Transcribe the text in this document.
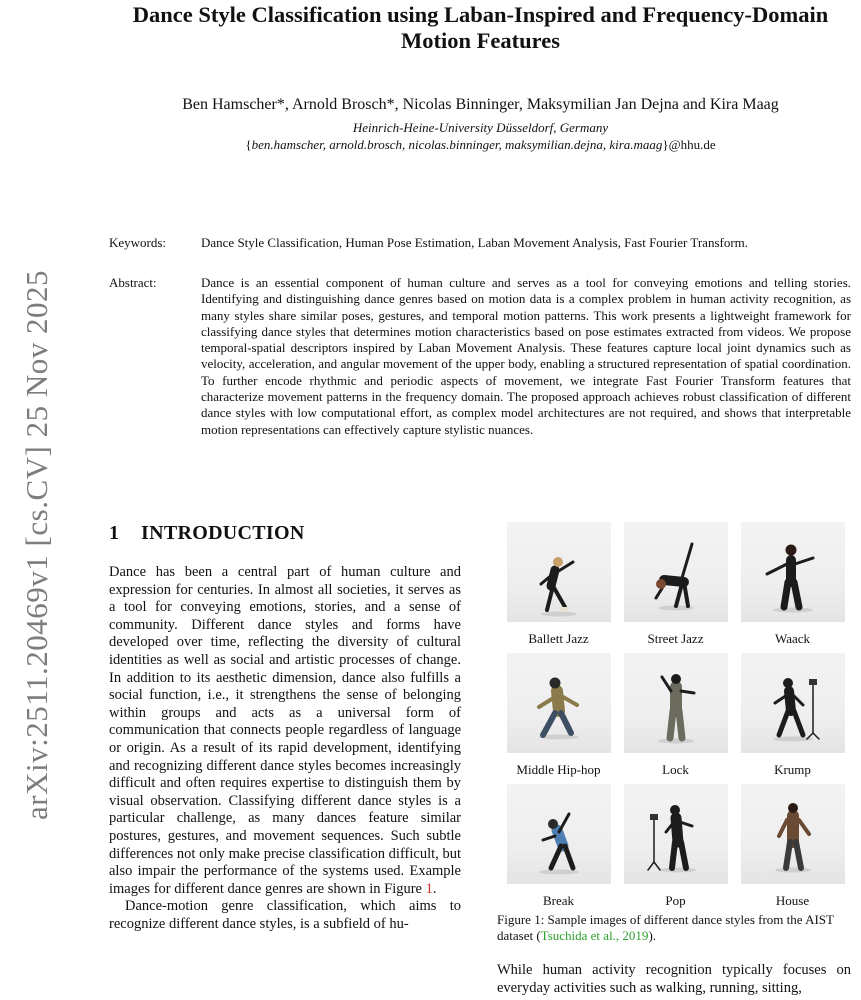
arXiv:2511.20469v1 [cs.CV] 25 Nov 2025
Dance Style Classification using Laban-Inspired and Frequency-Domain Motion Features
Ben Hamscher*, Arnold Brosch*, Nicolas Binninger, Maksymilian Jan Dejna and Kira Maag
Heinrich-Heine-University Düsseldorf, Germany
{ben.hamscher, arnold.brosch, nicolas.binninger, maksymilian.dejna, kira.maag}@hhu.de
Keywords:	Dance Style Classification, Human Pose Estimation, Laban Movement Analysis, Fast Fourier Transform.
Abstract:	Dance is an essential component of human culture and serves as a tool for conveying emotions and telling stories. Identifying and distinguishing dance genres based on motion data is a complex problem in human activity recognition, as many styles share similar poses, gestures, and temporal motion patterns. This work presents a lightweight framework for classifying dance styles that determines motion characteristics based on pose estimates extracted from videos. We propose temporal-spatial descriptors inspired by Laban Movement Analysis. These features capture local joint dynamics such as velocity, acceleration, and angular movement of the upper body, enabling a structured representation of spatial coordination. To further encode rhythmic and periodic aspects of movement, we integrate Fast Fourier Transform features that characterize movement patterns in the frequency domain. The proposed approach achieves robust classification of different dance styles with low computational effort, as complex model architectures are not required, and shows that interpretable motion representations can effectively capture stylistic nuances.
1 INTRODUCTION

Dance has been a central part of human culture and expression for centuries. In almost all societies, it serves as a tool for conveying emotions, stories, and a sense of community. Different dance styles and forms have developed over time, reflecting the diversity of cultural identities as well as social and artistic processes of change. In addition to its aesthetic dimension, dance also fulfills a social function, i.e., it strengthens the sense of belonging within groups and acts as a universal form of communication that connects people regardless of language or origin. As a result of its rapid development, identifying and recognizing different dance styles becomes increasingly difficult and often requires expertise to distinguish them by visual observation. Classifying different dance styles is a particular challenge, as many dances feature similar postures, gestures, and movement sequences. Such subtle differences not only make precise classification difficult, but also impair the performance of the systems used. Example images for different dance genres are shown in Figure 1.

Dance-motion genre classification, which aims to recognize different dance styles, is a subfield of hu-

Ballett Jazz	Street Jazz	Waack
Middle Hip-hop	Lock	Krump
Break	Pop	House
Figure 1: Sample images of different dance styles from the AIST dataset (Tsuchida et al., 2019).
While human activity recognition typically focuses on everyday activities such as walking, running, sitting,
